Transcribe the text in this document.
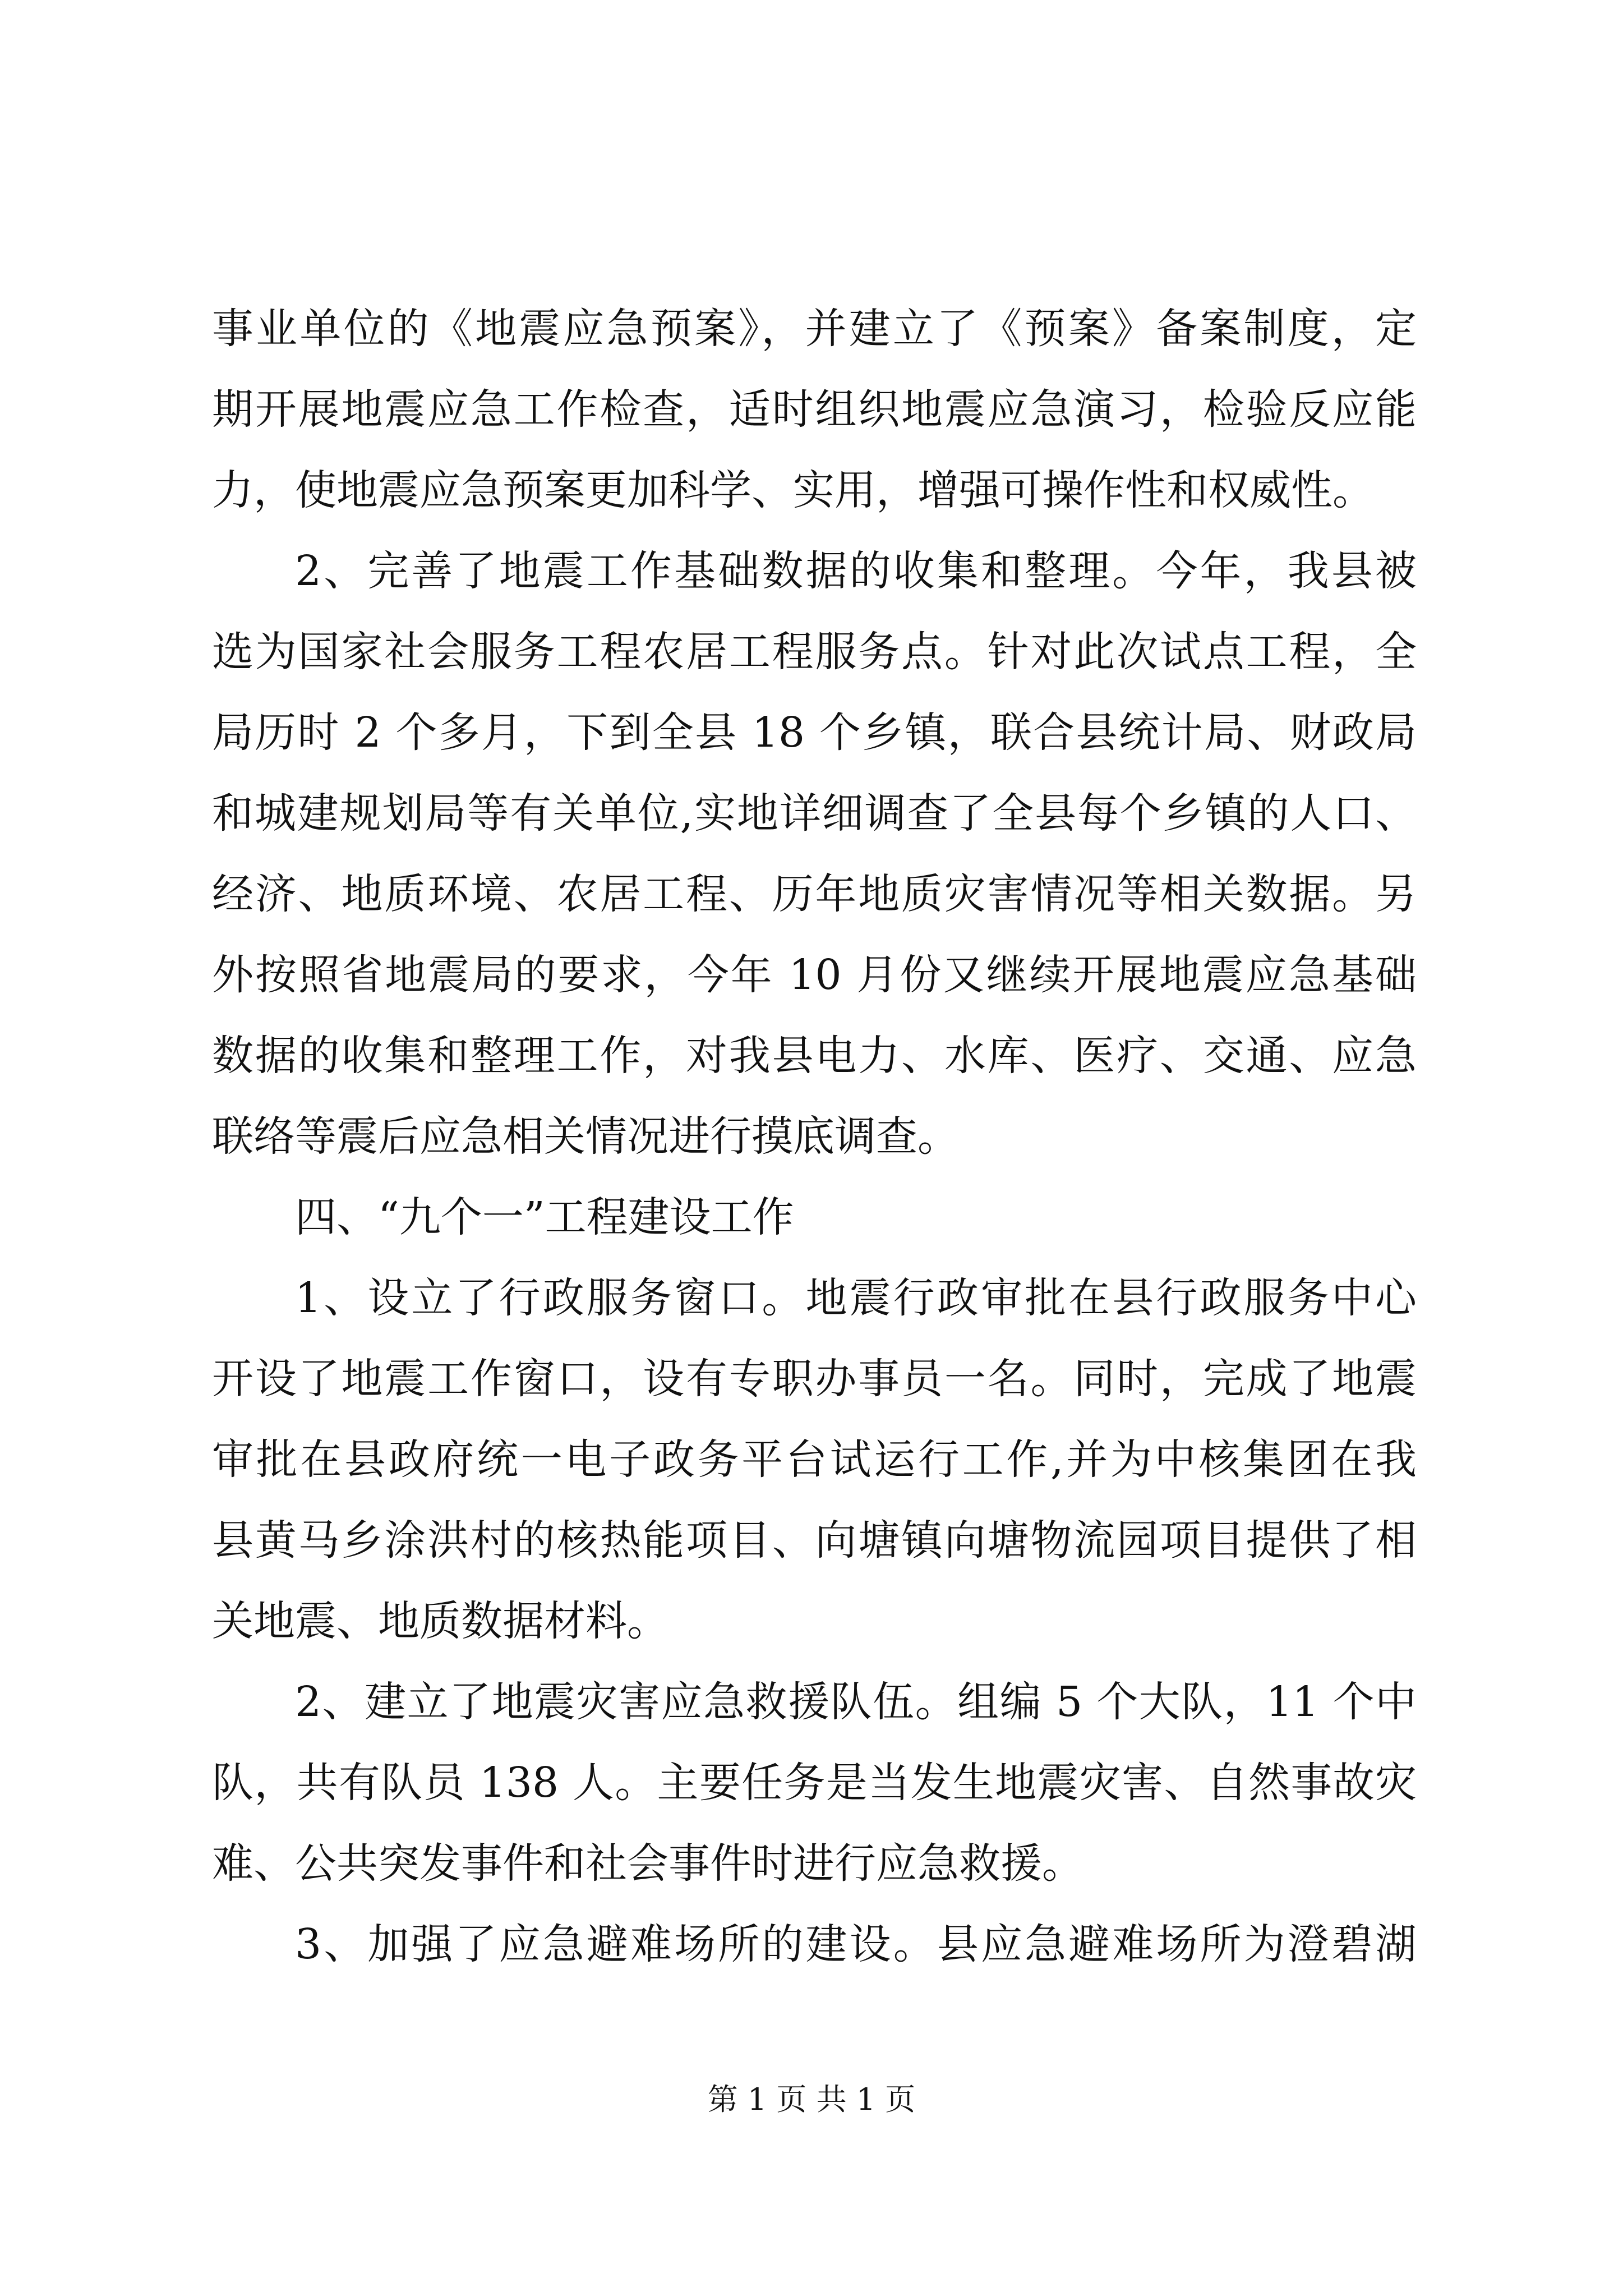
事业单位的《地震应急预案》，并建立了《预案》备案制度，定
期开展地震应急工作检查，适时组织地震应急演习，检验反应能
力，使地震应急预案更加科学、实用，增强可操作性和权威性。
2、完善了地震工作基础数据的收集和整理。今年，我县被
选为国家社会服务工程农居工程服务点。针对此次试点工程，全
局历时 2 个多月，下到全县 18 个乡镇，联合县统计局、财政局
和城建规划局等有关单位,实地详细调查了全县每个乡镇的人口、
经济、地质环境、农居工程、历年地质灾害情况等相关数据。另
外按照省地震局的要求，今年 10 月份又继续开展地震应急基础
数据的收集和整理工作，对我县电力、水库、医疗、交通、应急
联络等震后应急相关情况进行摸底调查。
四、“九个一”工程建设工作
1、设立了行政服务窗口。地震行政审批在县行政服务中心
开设了地震工作窗口，设有专职办事员一名。同时，完成了地震
审批在县政府统一电子政务平台试运行工作,并为中核集团在我
县黄马乡涂洪村的核热能项目、向塘镇向塘物流园项目提供了相
关地震、地质数据材料。
2、建立了地震灾害应急救援队伍。组编 5 个大队，11 个中
队，共有队员 138 人。主要任务是当发生地震灾害、自然事故灾
难、公共突发事件和社会事件时进行应急救援。
3、加强了应急避难场所的建设。县应急避难场所为澄碧湖
第 1 页 共 1 页
